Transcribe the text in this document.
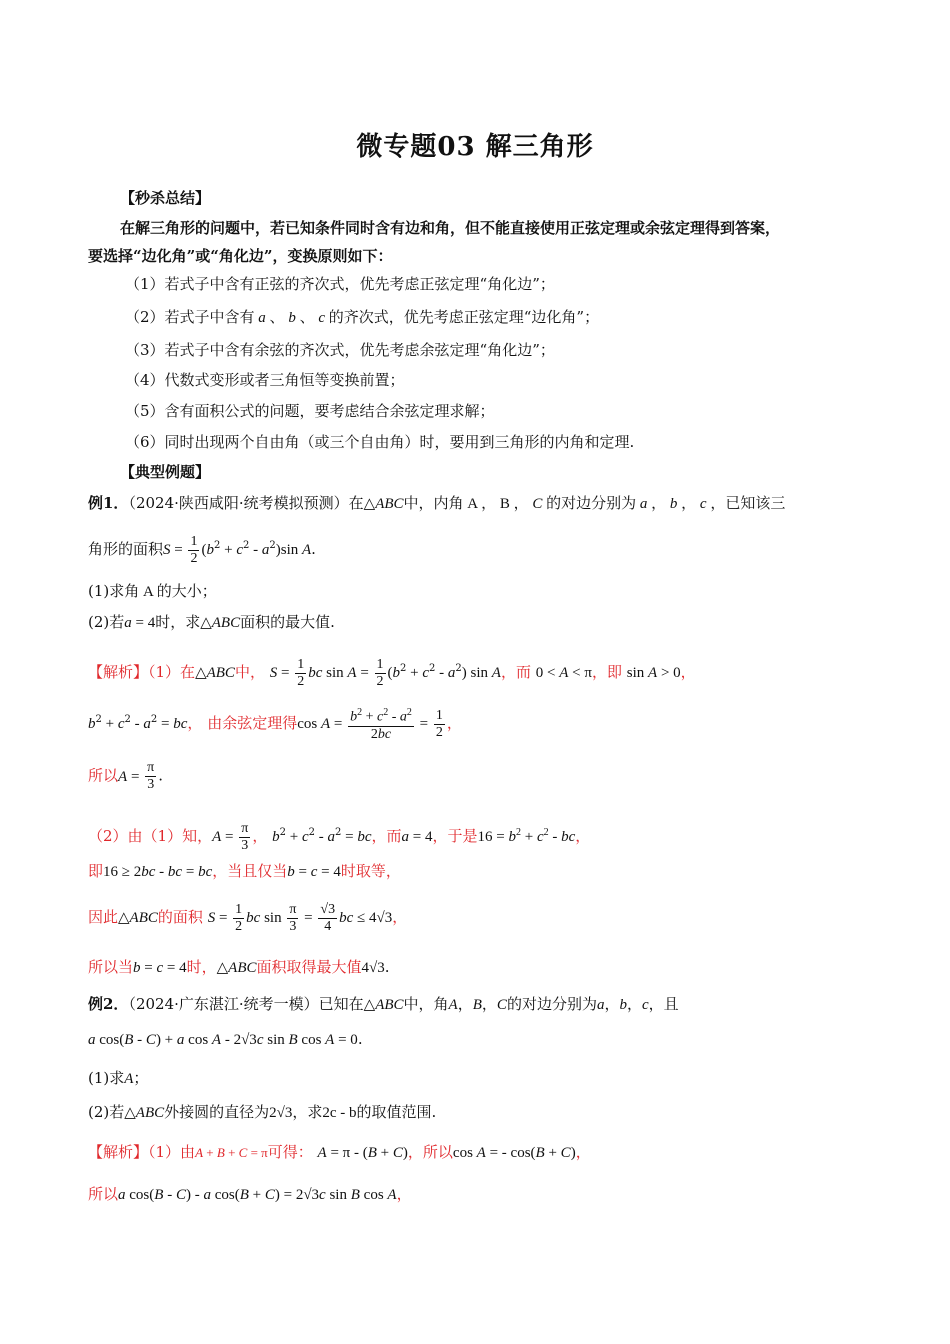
微专题03 解三角形
【秒杀总结】
在解三角形的问题中，若已知条件同时含有边和角，但不能直接使用正弦定理或余弦定理得到答案，
要选择“边化角”或“角化边”，变换原则如下：
（1）若式子中含有正弦的齐次式，优先考虑正弦定理“角化边”；
（2）若式子中含有 a 、 b 、 c 的齐次式，优先考虑正弦定理“边化角”；
（3）若式子中含有余弦的齐次式，优先考虑余弦定理“角化边”；
（4）代数式变形或者三角恒等变换前置；
（5）含有面积公式的问题，要考虑结合余弦定理求解；
（6）同时出现两个自由角（或三个自由角）时，要用到三角形的内角和定理.
【典型例题】
例1．（2024·陕西咸阳·统考模拟预测）在△ABC中，内角 A ， B ， C 的对边分别为 a ， b ， c ，已知该三
角形的面积$S = \frac{1}{2} (b^2 + c^2 - a^2)\sin$ A.
(1)求角 A 的大小；
(2)若a = 4时，求△ABC面积的最大值.
【解析】（1）在△ABC中， $S = \frac{1}{2}$ bc $\sin A = \frac{1}{2} (b^2 + c^2 - a^2)$ sin A，而 0 < A < π，即 sin A > 0，
$b^2 + c^2 - a^2$ = bc， 由余弦定理得$\cos A = \frac{b^2 + c^2 - a^2}{2bc} = \frac{1}{2}$ ，
所以$A = \frac{\pi}{3}$ .
（2）由（1）知，$A = \frac{\pi}{3}$ ， $b^2 + c^2 - a^2$ = bc，而a = 4，于是$16 = b^2 + c^2$ - bc，
即16 ≥ 2bc - bc = bc，当且仅当b = c = 4时取等，
因此△ABC的面积 $S = \frac{1}{2}$ bc $\sin \frac{\pi}{3} = \frac{√3}{4}$ bc ≤ 4√3，
所以当b = c = 4时，△ABC面积取得最大值4√3.
例2．（2024·广东湛江·统考一模）已知在△ABC中，角A，B，C的对边分别为a，b，c，且
a cos(B - C) + a cos A - 2√3c sin B cos A = 0.
(1)求A；
(2)若△ABC外接圆的直径为2√3，求2c - b的取值范围.
【解析】（1）由A + B + C = π可得： A = π - (B + C)，所以cos A = - cos(B + C)，
所以a cos(B - C) - a cos(B + C) = 2√3c sin B cos A，
